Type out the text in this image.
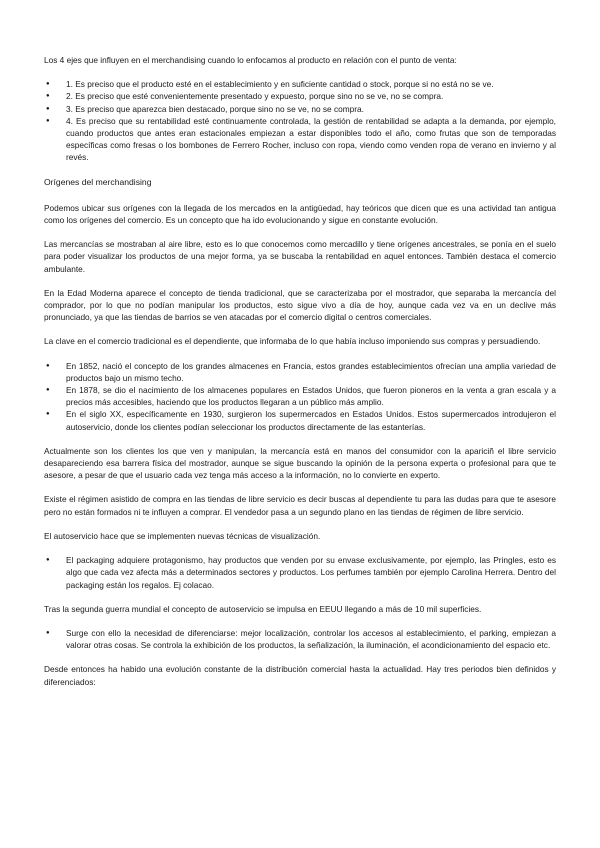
Los 4 ejes que influyen en el merchandising cuando lo enfocamos al producto en relación con el punto de venta:

● 1. Es preciso que el producto esté en el establecimiento y en suficiente cantidad o stock, porque si no está no se ve.
● 2. Es preciso que esté convenientemente presentado y expuesto, porque sino no se ve, no se compra.
● 3. Es preciso que aparezca bien destacado, porque sino no se ve, no se compra.
● 4. Es preciso que su rentabilidad esté continuamente controlada, la gestión de rentabilidad se adapta a la demanda, por ejemplo, cuando productos que antes eran estacionales empiezan a estar disponibles todo el año, como frutas que son de temporadas específicas como fresas o los bombones de Ferrero Rocher, incluso con ropa, viendo como venden ropa de verano en invierno y al revés.

Orígenes del merchandising

Podemos ubicar sus orígenes con la llegada de los mercados en la antigüedad, hay teóricos que dicen que es una actividad tan antigua como los orígenes del comercio. Es un concepto que ha ido evolucionando y sigue en constante evolución.

Las mercancías se mostraban al aire libre, esto es lo que conocemos como mercadillo y tiene orígenes ancestrales, se ponía en el suelo para poder visualizar los productos de una mejor forma, ya se buscaba la rentabilidad en aquel entonces. También destaca el comercio ambulante.

En la Edad Moderna aparece el concepto de tienda tradicional, que se caracterizaba por el mostrador, que separaba la mercancía del comprador, por lo que no podían manipular los productos, esto sigue vivo a día de hoy, aunque cada vez va en un declive más pronunciado, ya que las tiendas de barrios se ven atacadas por el comercio digital o centros comerciales.

La clave en el comercio tradicional es el dependiente, que informaba de lo que había incluso imponiendo sus compras y persuadiendo.

● En 1852, nació el concepto de los grandes almacenes en Francia, estos grandes establecimientos ofrecían una amplia variedad de productos bajo un mismo techo.
● En 1878, se dio el nacimiento de los almacenes populares en Estados Unidos, que fueron pioneros en la venta a gran escala y a precios más accesibles, haciendo que los productos llegaran a un público más amplio.
● En el siglo XX, específicamente en 1930, surgieron los supermercados en Estados Unidos. Estos supermercados introdujeron el autoservicio, donde los clientes podían seleccionar los productos directamente de las estanterías.

Actualmente son los clientes los que ven y manipulan, la mercancía está en manos del consumidor con la apariciñ el libre servicio desapareciendo esa barrera física del mostrador, aunque se sigue buscando la opinión de la persona experta o profesional para que te asesore, a pesar de que el usuario cada vez tenga más acceso a la información, no lo convierte en experto.

Existe el régimen asistido de compra en las tiendas de libre servicio es decir buscas al dependiente tu para las dudas para que te asesore pero no están formados ni te influyen a comprar. El vendedor pasa a un segundo plano en las tiendas de régimen de libre servicio.

El autoservicio hace que se implementen nuevas técnicas de visualización.

● El packaging adquiere protagonismo, hay productos que venden por su envase exclusivamente, por ejemplo, las Pringles, esto es algo que cada vez afecta más a determinados sectores y productos. Los perfumes también por ejemplo Carolina Herrera. Dentro del packaging están los regalos. Ej colacao.

Tras la segunda guerra mundial el concepto de autoservicio se impulsa en EEUU llegando a más de 10 mil superficies.

● Surge con ello la necesidad de diferenciarse: mejor localización, controlar los accesos al establecimiento, el parking, empiezan a valorar otras cosas. Se controla la exhibición de los productos, la señalización, la iluminación, el acondicionamiento del espacio etc.

Desde entonces ha habido una evolución constante de la distribución comercial hasta la actualidad. Hay tres periodos bien definidos y diferenciados:
